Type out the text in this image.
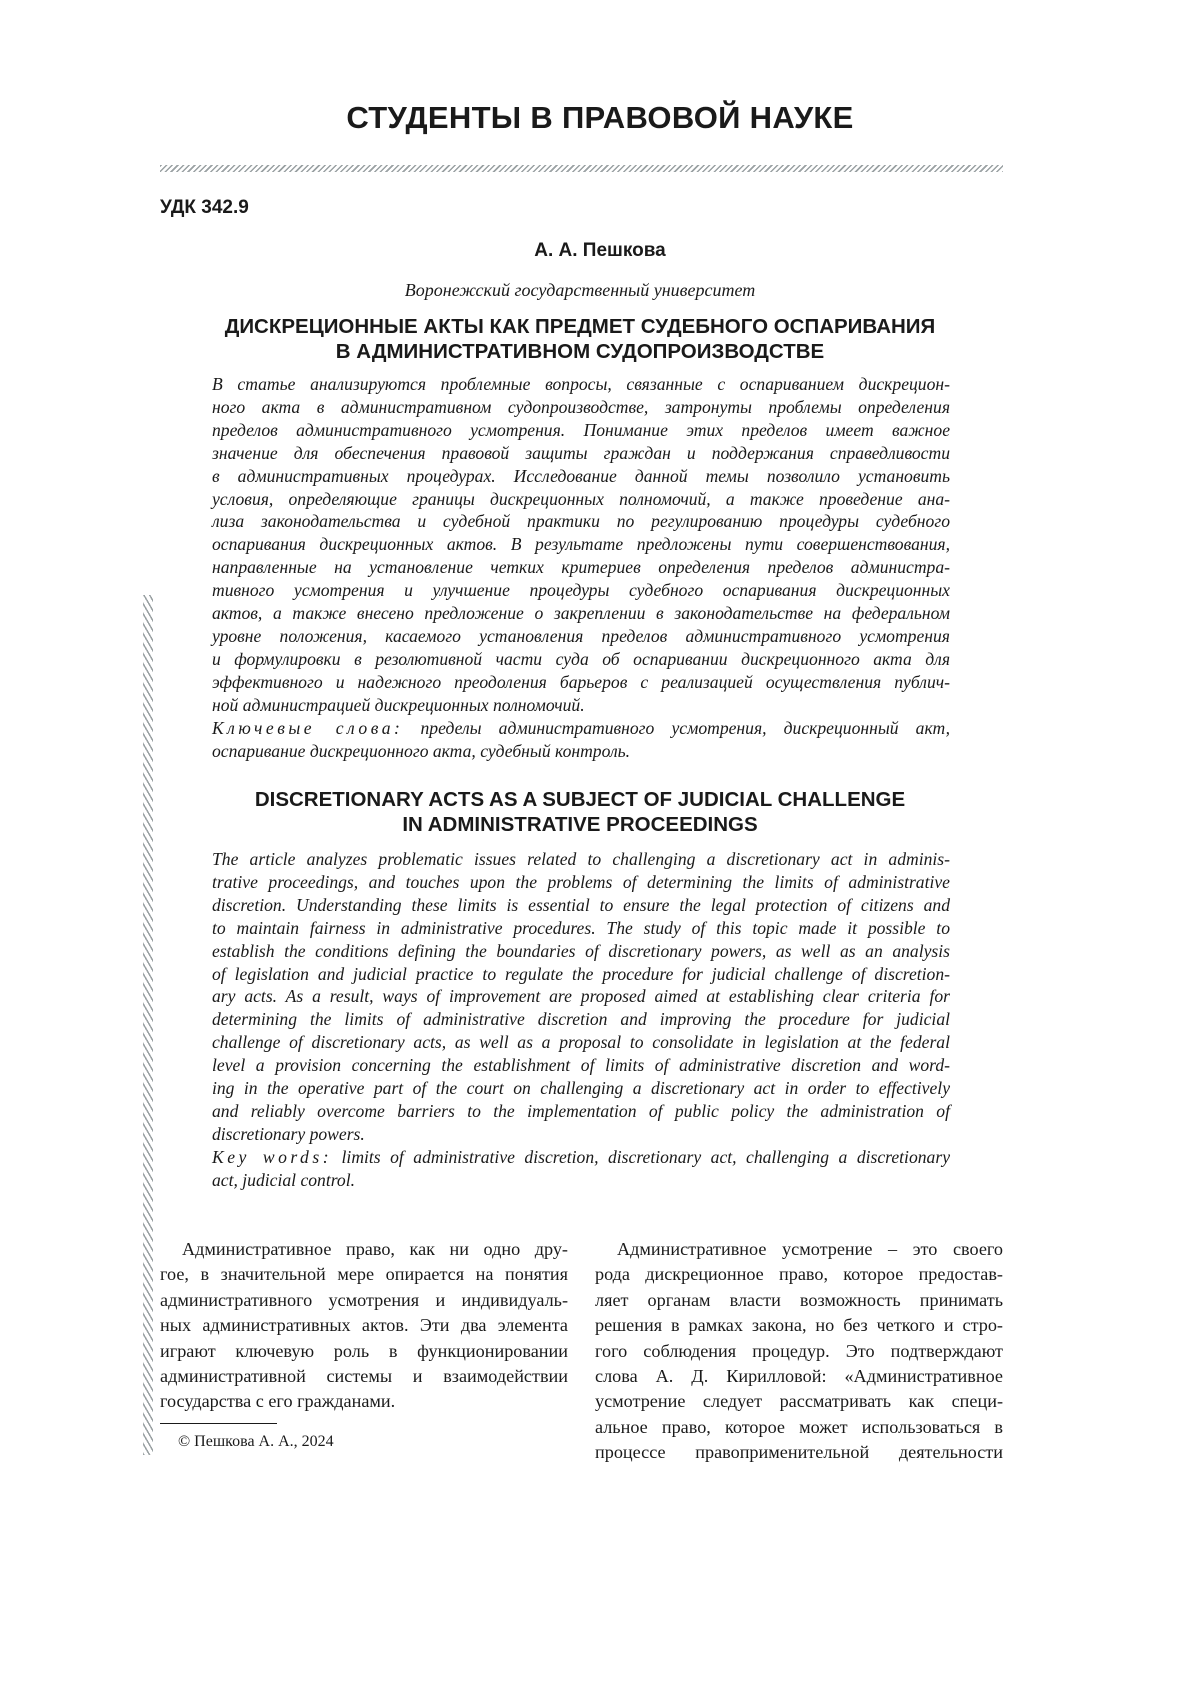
СТУДЕНТЫ В ПРАВОВОЙ НАУКЕ
УДК 342.9
А. А. Пешкова
Воронежский государственный университет
ДИСКРЕЦИОННЫЕ АКТЫ КАК ПРЕДМЕТ СУДЕБНОГО ОСПАРИВАНИЯ
В АДМИНИСТРАТИВНОМ СУДОПРОИЗВОДСТВЕ
В статье анализируются проблемные вопросы, связанные с оспариванием дискрецион-
ного акта в административном судопроизводстве, затронуты проблемы определения
пределов административного усмотрения. Понимание этих пределов имеет важное
значение для обеспечения правовой защиты граждан и поддержания справедливости
в административных процедурах. Исследование данной темы позволило установить
условия, определяющие границы дискреционных полномочий, а также проведение ана-
лиза законодательства и судебной практики по регулированию процедуры судебного
оспаривания дискреционных актов. В результате предложены пути совершенствования,
направленные на установление четких критериев определения пределов администра-
тивного усмотрения и улучшение процедуры судебного оспаривания дискреционных
актов, а также внесено предложение о закреплении в законодательстве на федеральном
уровне положения, касаемого установления пределов административного усмотрения
и формулировки в резолютивной части суда об оспаривании дискреционного акта для
эффективного и надежного преодоления барьеров с реализацией осуществления публич-
ной администрацией дискреционных полномочий.
Ключевые слова: пределы административного усмотрения, дискреционный акт,
оспаривание дискреционного акта, судебный контроль.
DISCRETIONARY ACTS AS A SUBJECT OF JUDICIAL CHALLENGE
IN ADMINISTRATIVE PROCEEDINGS
The article analyzes problematic issues related to challenging a discretionary act in adminis-
trative proceedings, and touches upon the problems of determining the limits of administrative
discretion. Understanding these limits is essential to ensure the legal protection of citizens and
to maintain fairness in administrative procedures. The study of this topic made it possible to
establish the conditions defining the boundaries of discretionary powers, as well as an analysis
of legislation and judicial practice to regulate the procedure for judicial challenge of discretion-
ary acts. As a result, ways of improvement are proposed aimed at establishing clear criteria for
determining the limits of administrative discretion and improving the procedure for judicial
challenge of discretionary acts, as well as a proposal to consolidate in legislation at the federal
level a provision concerning the establishment of limits of administrative discretion and word-
ing in the operative part of the court on challenging a discretionary act in order to effectively
and reliably overcome barriers to the implementation of public policy the administration of
discretionary powers.
Key words: limits of administrative discretion, discretionary act, challenging a discretionary
act, judicial control.
Административное право, как ни одно дру-
гое, в значительной мере опирается на понятия
административного усмотрения и индивидуаль-
ных административных актов. Эти два элемента
играют ключевую роль в функционировании
административной системы и взаимодействии
государства с его гражданами.
Административное усмотрение – это своего
рода дискреционное право, которое предостав-
ляет органам власти возможность принимать
решения в рамках закона, но без четкого и стро-
гого соблюдения процедур. Это подтверждают
слова А. Д. Кирилловой: «Административное
усмотрение следует рассматривать как специ-
альное право, которое может использоваться в
процессе правоприменительной деятельности
© Пешкова А. А., 2024
